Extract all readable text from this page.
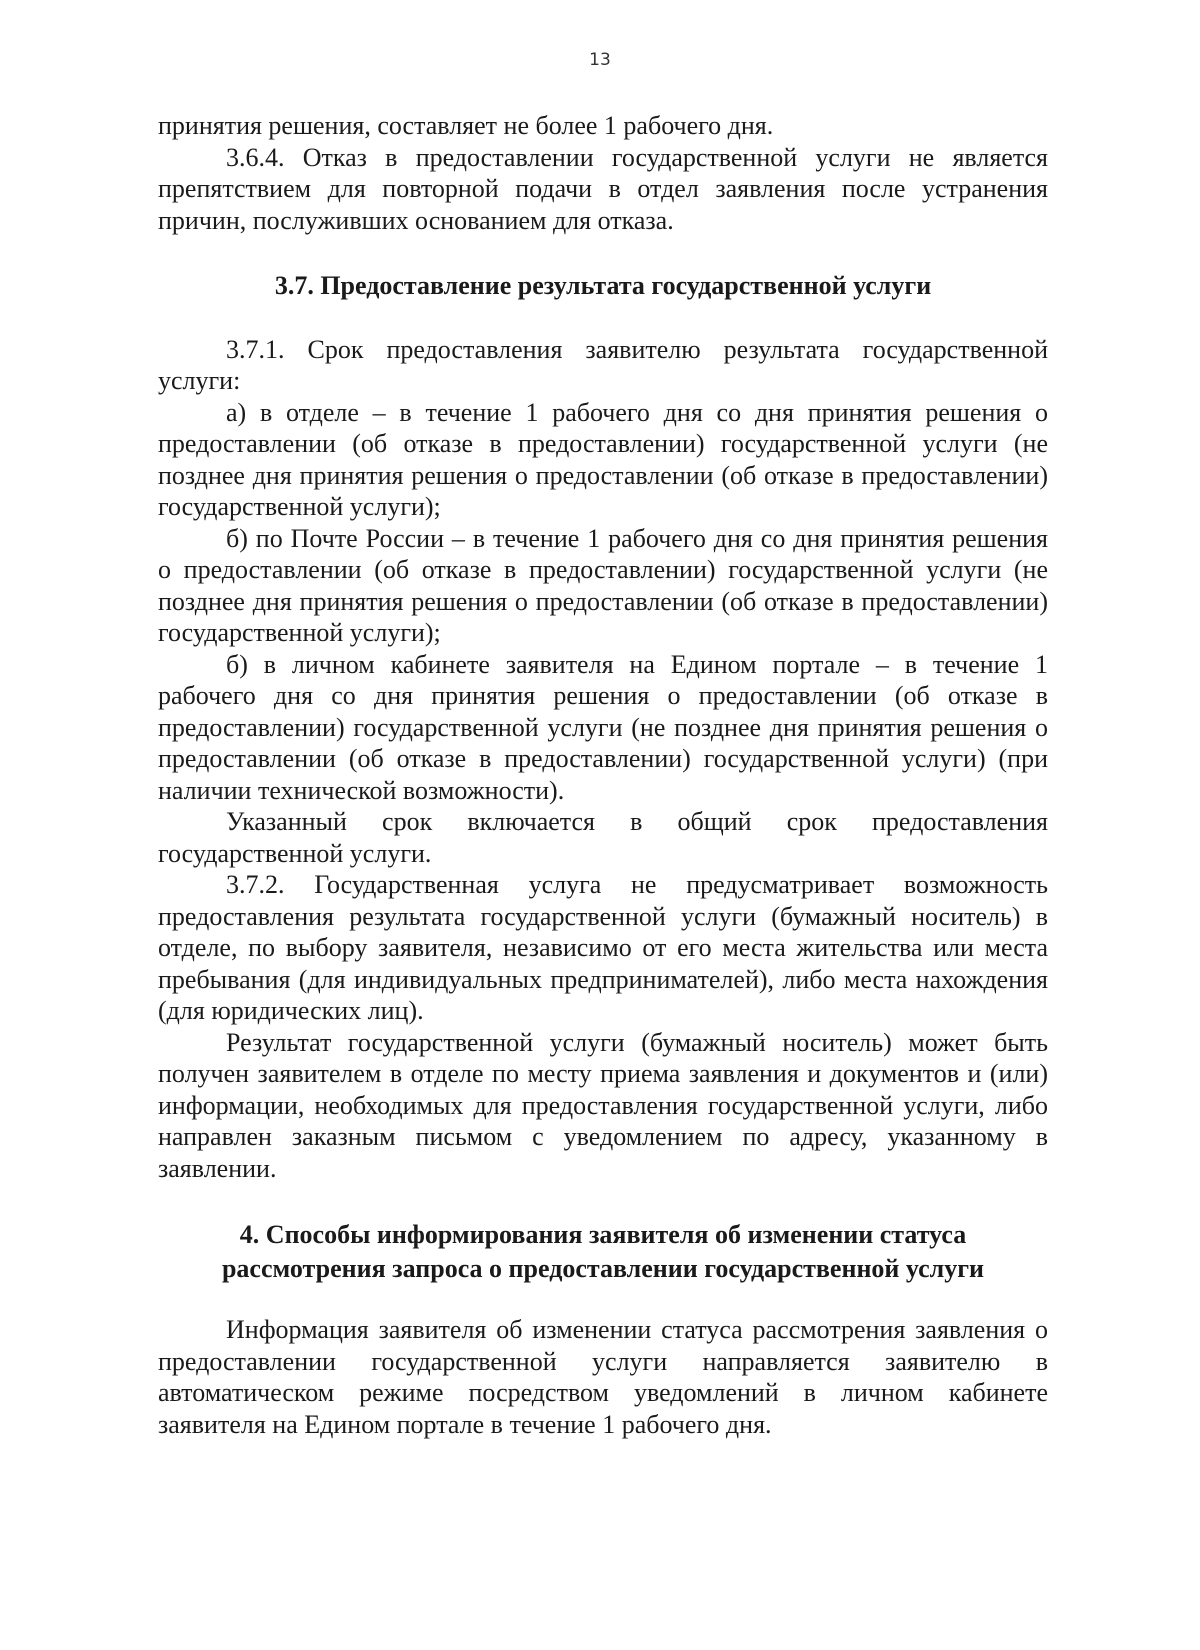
13

принятия решения, составляет не более 1 рабочего дня.

3.6.4. Отказ в предоставлении государственной услуги не является препятствием для повторной подачи в отдел заявления после устранения причин, послуживших основанием для отказа.

3.7. Предоставление результата государственной услуги

3.7.1. Срок предоставления заявителю результата государственной услуги:

а) в отделе – в течение 1 рабочего дня со дня принятия решения о предоставлении (об отказе в предоставлении) государственной услуги (не позднее дня принятия решения о предоставлении (об отказе в предоставлении) государственной услуги);

б) по Почте России – в течение 1 рабочего дня со дня принятия решения о предоставлении (об отказе в предоставлении) государственной услуги (не позднее дня принятия решения о предоставлении (об отказе в предоставлении) государственной услуги);

б) в личном кабинете заявителя на Едином портале – в течение 1 рабочего дня со дня принятия решения о предоставлении (об отказе в предоставлении) государственной услуги (не позднее дня принятия решения о предоставлении (об отказе в предоставлении) государственной услуги) (при наличии технической возможности).

Указанный срок включается в общий срок предоставления государственной услуги.

3.7.2. Государственная услуга не предусматривает возможность предоставления результата государственной услуги (бумажный носитель) в отделе, по выбору заявителя, независимо от его места жительства или места пребывания (для индивидуальных предпринимателей), либо места нахождения (для юридических лиц).

Результат государственной услуги (бумажный носитель) может быть получен заявителем в отделе по месту приема заявления и документов и (или) информации, необходимых для предоставления государственной услуги, либо направлен заказным письмом с уведомлением по адресу, указанному в заявлении.

4. Способы информирования заявителя об изменении статуса
рассмотрения запроса о предоставлении государственной услуги

Информация заявителя об изменении статуса рассмотрения заявления о предоставлении государственной услуги направляется заявителю в автоматическом режиме посредством уведомлений в личном кабинете заявителя на Едином портале в течение 1 рабочего дня.
